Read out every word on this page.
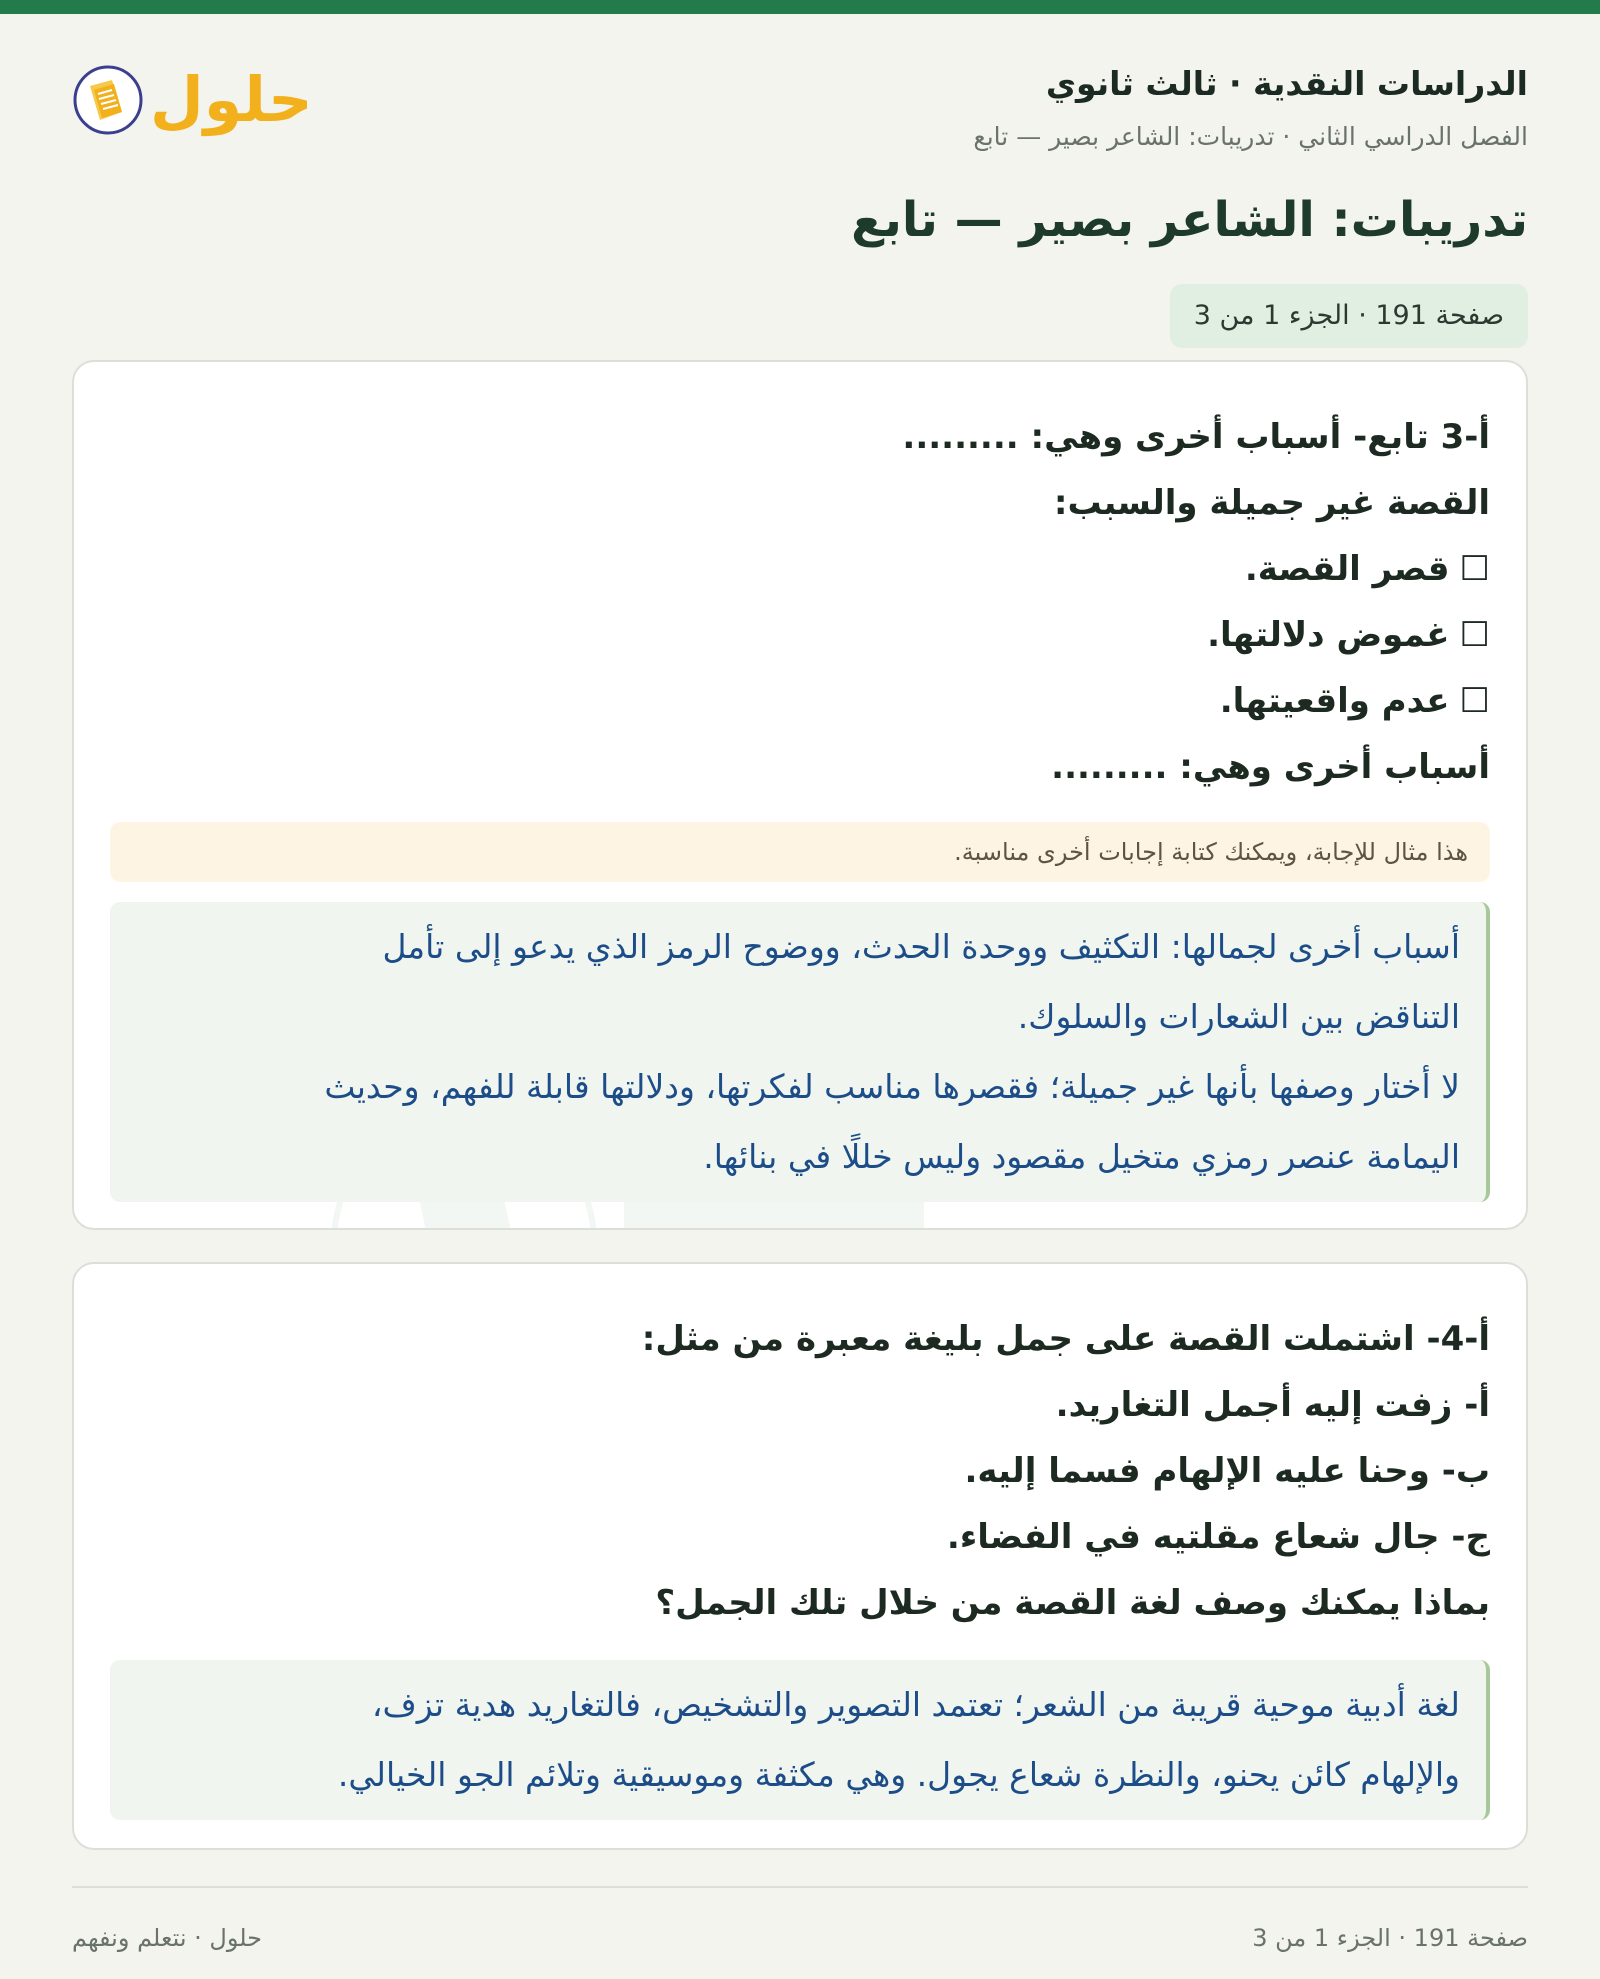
الدراسات النقدية · ثالث ثانوي

الفصل الدراسي الثاني · تدريبات: الشاعر بصير — تابع

حلول
تدريبات: الشاعر بصير — تابع
صفحة 191 · الجزء 1 من 3
أ-3 تابع- أسباب أخرى وهي: .........
القصة غير جميلة والسبب:
☐قصر القصة.
☐غموض دلالتها.
☐عدم واقعيتها.
أسباب أخرى وهي: .........
هذا مثال للإجابة، ويمكنك كتابة إجابات أخرى مناسبة.
أسباب أخرى لجمالها: التكثيف ووحدة الحدث، ووضوح الرمز الذي يدعو إلى تأمل
التناقض بين الشعارات والسلوك.
لا أختار وصفها بأنها غير جميلة؛ فقصرها مناسب لفكرتها، ودلالتها قابلة للفهم، وحديث
اليمامة عنصر رمزي متخيل مقصود وليس خللًا في بنائها.
أ-4- اشتملت القصة على جمل بليغة معبرة من مثل:
أ- زفت إليه أجمل التغاريد.
ب- وحنا عليه الإلهام فسما إليه.
ج- جال شعاع مقلتيه في الفضاء.
بماذا يمكنك وصف لغة القصة من خلال تلك الجمل؟
لغة أدبية موحية قريبة من الشعر؛ تعتمد التصوير والتشخيص، فالتغاريد هدية تزف،
والإلهام كائن يحنو، والنظرة شعاع يجول. وهي مكثفة وموسيقية وتلائم الجو الخيالي.
صفحة 191 · الجزء 1 من 3
حلول · نتعلم ونفهم
